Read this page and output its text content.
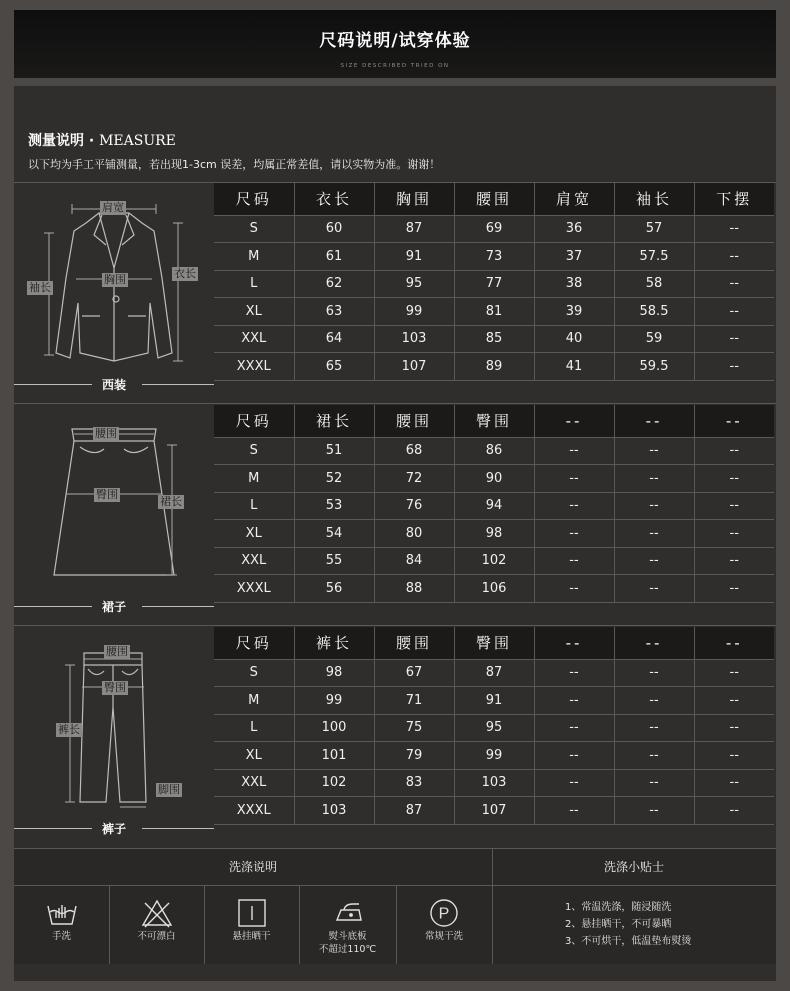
尺码说明/试穿体验
SIZE DESCRIBED TRIED ON
测量说明 · MEASURE
以下均为手工平铺测量，若出现1-3cm 误差，均属正常差值，请以实物为准。谢谢！
肩宽
胸围
袖长
衣长
西装
尺码	衣长	胸围	腰围	肩宽	袖长	下摆
S	60	87	69	36	57	--
M	61	91	73	37	57.5	--
L	62	95	77	38	58	--
XL	63	99	81	39	58.5	--
XXL	64	103	85	40	59	--
XXXL	65	107	89	41	59.5	--
腰围
臀围
裙长
裙子
尺码	裙长	腰围	臀围	--	--	--
S	51	68	86	--	--	--
M	52	72	90	--	--	--
L	53	76	94	--	--	--
XL	54	80	98	--	--	--
XXL	55	84	102	--	--	--
XXXL	56	88	106	--	--	--
腰围
臀围
裤长
脚围
裤子
尺码	裤长	腰围	臀围	--	--	--
S	98	67	87	--	--	--
M	99	71	91	--	--	--
L	100	75	95	--	--	--
XL	101	79	99	--	--	--
XXL	102	83	103	--	--	--
XXXL	103	87	107	--	--	--
洗涤说明	洗涤小贴士
手洗	不可漂白	悬挂晒干	熨斗底板
不超过110℃
P
常规干洗
1、常温洗涤，随浸随洗
2、悬挂晒干，不可暴晒
3、不可烘干，低温垫布熨烫
